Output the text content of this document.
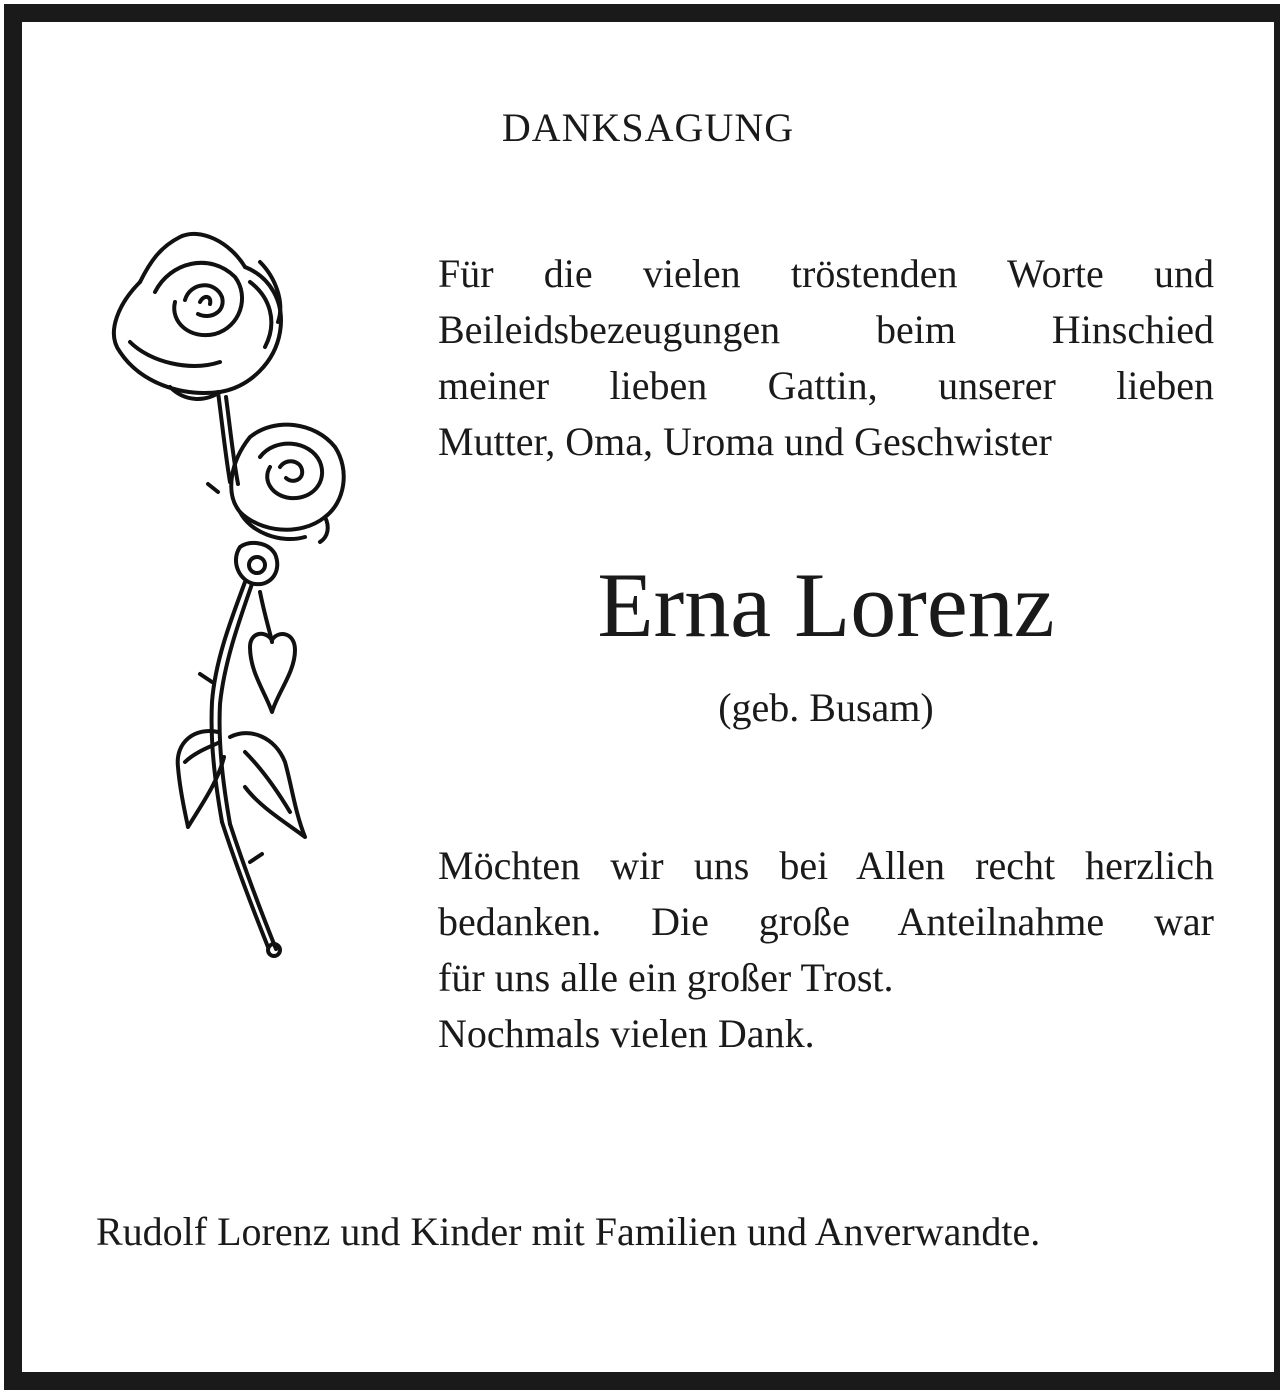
DANKSAGUNG
Für die vielen tröstenden Worte und
Beileidsbezeugungen beim Hinschied
meiner lieben Gattin, unserer lieben
Mutter, Oma, Uroma und Geschwister
Erna Lorenz
(geb. Busam)
Möchten wir uns bei Allen recht herzlich
bedanken. Die große Anteilnahme war
für uns alle ein großer Trost.
Nochmals vielen Dank.
Rudolf Lorenz und Kinder mit Familien und Anverwandte.
